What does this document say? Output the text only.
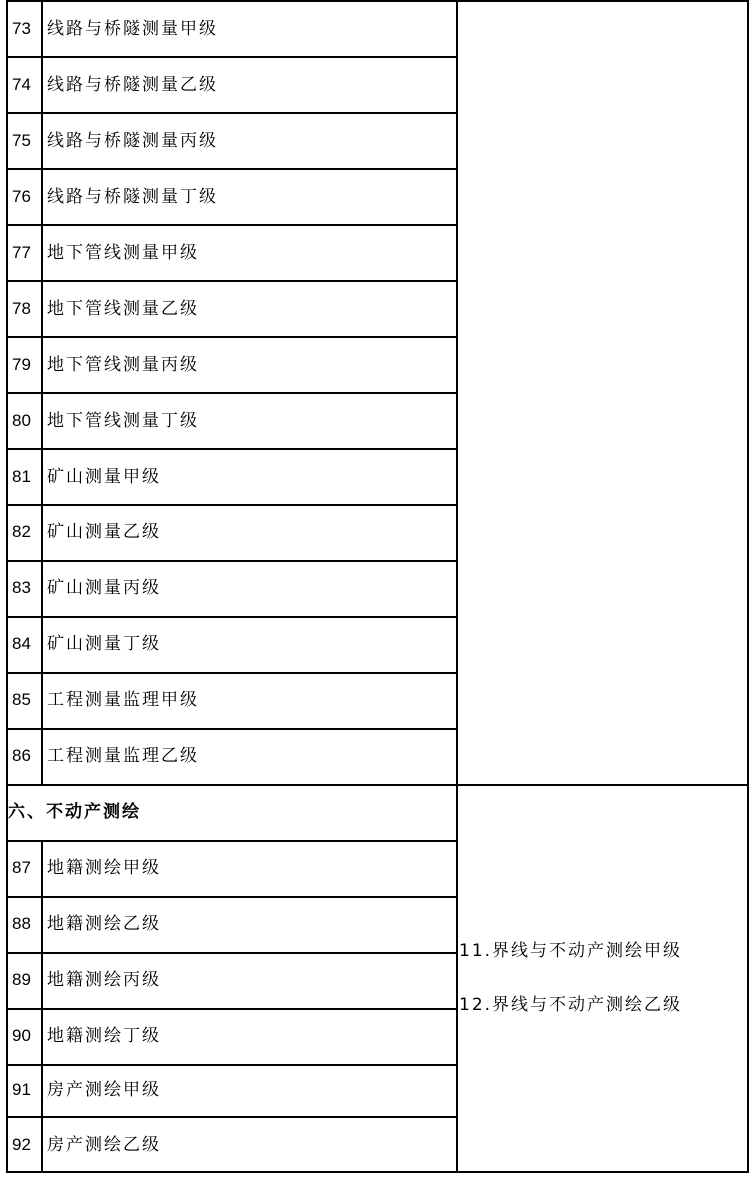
73 线路与桥隧测量甲级
74 线路与桥隧测量乙级
75 线路与桥隧测量丙级
76 线路与桥隧测量丁级
77 地下管线测量甲级
78 地下管线测量乙级
79 地下管线测量丙级
80 地下管线测量丁级
81 矿山测量甲级
82 矿山测量乙级
83 矿山测量丙级
84 矿山测量丁级
85 工程测量监理甲级
86 工程测量监理乙级
六、不动产测绘
87 地籍测绘甲级
88 地籍测绘乙级
89 地籍测绘丙级
90 地籍测绘丁级
91 房产测绘甲级
92 房产测绘乙级
11.界线与不动产测绘甲级
12.界线与不动产测绘乙级
